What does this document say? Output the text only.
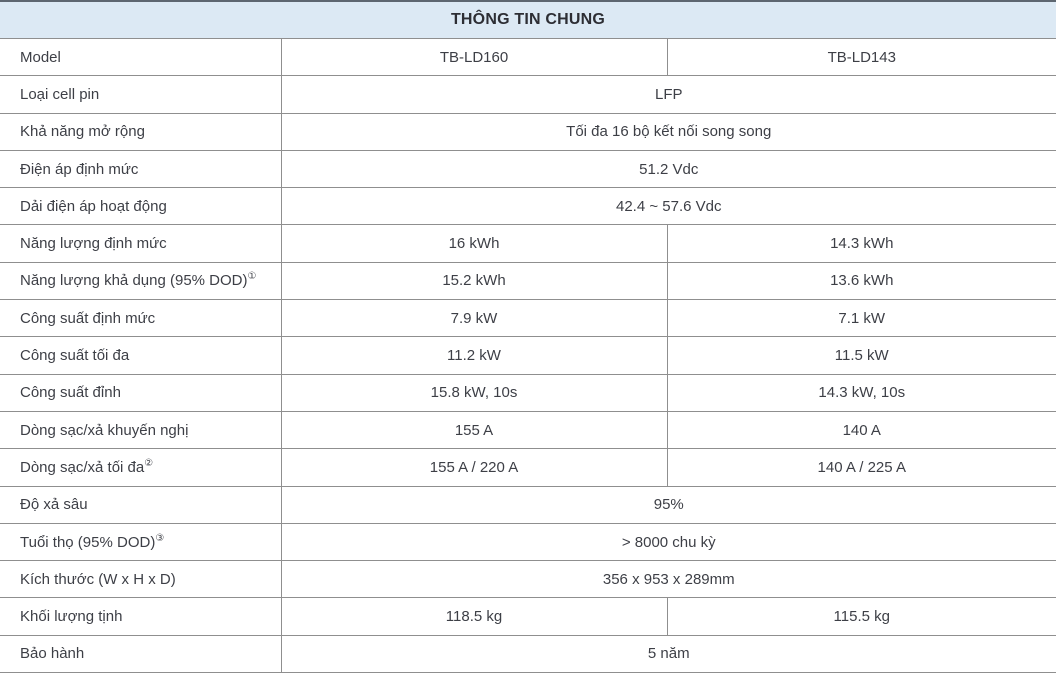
THÔNG TIN CHUNG		
Model	TB-LD160	TB-LD143
Loại cell pin	LFP	
Khả năng mở rộng	Tối đa 16 bộ kết nối song song	
Điện áp định mức	51.2 Vdc	
Dải điện áp hoạt động	42.4 ~ 57.6 Vdc	
Năng lượng định mức	16 kWh	14.3 kWh
Năng lượng khả dụng (95% DOD)①	15.2 kWh	13.6 kWh
Công suất định mức	7.9 kW	7.1 kW
Công suất tối đa	11.2 kW	11.5 kW
Công suất đỉnh	15.8 kW, 10s	14.3 kW, 10s
Dòng sạc/xả khuyến nghị	155 A	140 A
Dòng sạc/xả tối đa②	155 A / 220 A	140 A / 225 A
Độ xả sâu	95%	
Tuổi thọ (95% DOD)③	> 8000 chu kỳ	
Kích thước (W x H x D)	356 x 953 x 289mm	
Khối lượng tịnh	118.5 kg	115.5 kg
Bảo hành	5 năm	
